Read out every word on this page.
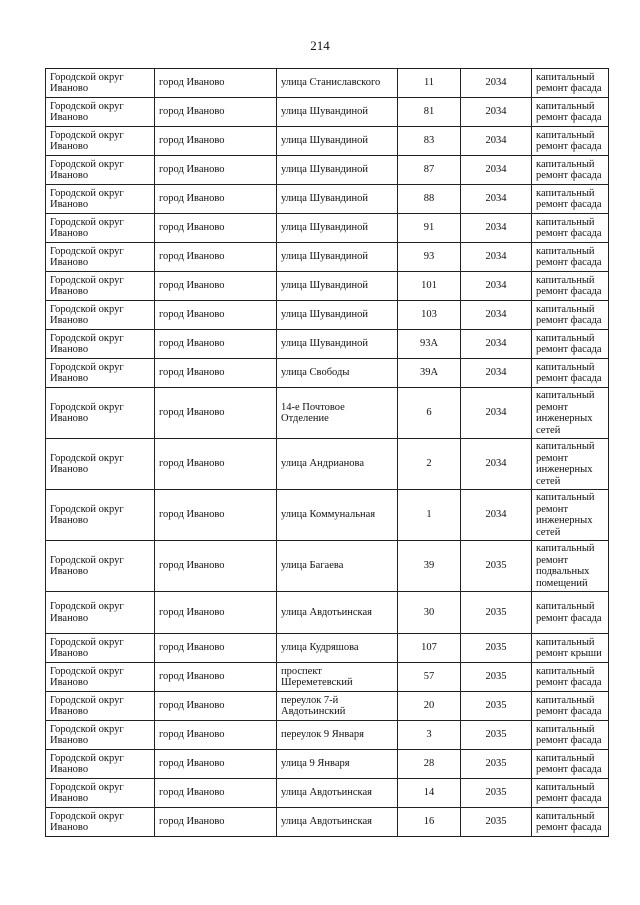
214
Городской округ Иваново	город Иваново	улица Станиславского	11	2034	капитальный ремонт фасада
Городской округ Иваново	город Иваново	улица Шувандиной	81	2034	капитальный ремонт фасада
Городской округ Иваново	город Иваново	улица Шувандиной	83	2034	капитальный ремонт фасада
Городской округ Иваново	город Иваново	улица Шувандиной	87	2034	капитальный ремонт фасада
Городской округ Иваново	город Иваново	улица Шувандиной	88	2034	капитальный ремонт фасада
Городской округ Иваново	город Иваново	улица Шувандиной	91	2034	капитальный ремонт фасада
Городской округ Иваново	город Иваново	улица Шувандиной	93	2034	капитальный ремонт фасада
Городской округ Иваново	город Иваново	улица Шувандиной	101	2034	капитальный ремонт фасада
Городской округ Иваново	город Иваново	улица Шувандиной	103	2034	капитальный ремонт фасада
Городской округ Иваново	город Иваново	улица Шувандиной	93А	2034	капитальный ремонт фасада
Городской округ Иваново	город Иваново	улица Свободы	39А	2034	капитальный ремонт фасада
Городской округ Иваново	город Иваново	14-е Почтовое Отделение	6	2034	капитальный ремонт инженерных сетей
Городской округ Иваново	город Иваново	улица Андрианова	2	2034	капитальный ремонт инженерных сетей
Городской округ Иваново	город Иваново	улица Коммунальная	1	2034	капитальный ремонт инженерных сетей
Городской округ Иваново	город Иваново	улица Багаева	39	2035	капитальный ремонт подвальных помещений
Городской округ Иваново	город Иваново	улица Авдотьинская	30	2035	капитальный ремонт фасада
Городской округ Иваново	город Иваново	улица Кудряшова	107	2035	капитальный ремонт крыши
Городской округ Иваново	город Иваново	проспект Шереметевский	57	2035	капитальный ремонт фасада
Городской округ Иваново	город Иваново	переулок 7-й Авдотьинский	20	2035	капитальный ремонт фасада
Городской округ Иваново	город Иваново	переулок 9 Января	3	2035	капитальный ремонт фасада
Городской округ Иваново	город Иваново	улица 9 Января	28	2035	капитальный ремонт фасада
Городской округ Иваново	город Иваново	улица Авдотьинская	14	2035	капитальный ремонт фасада
Городской округ Иваново	город Иваново	улица Авдотьинская	16	2035	капитальный ремонт фасада
